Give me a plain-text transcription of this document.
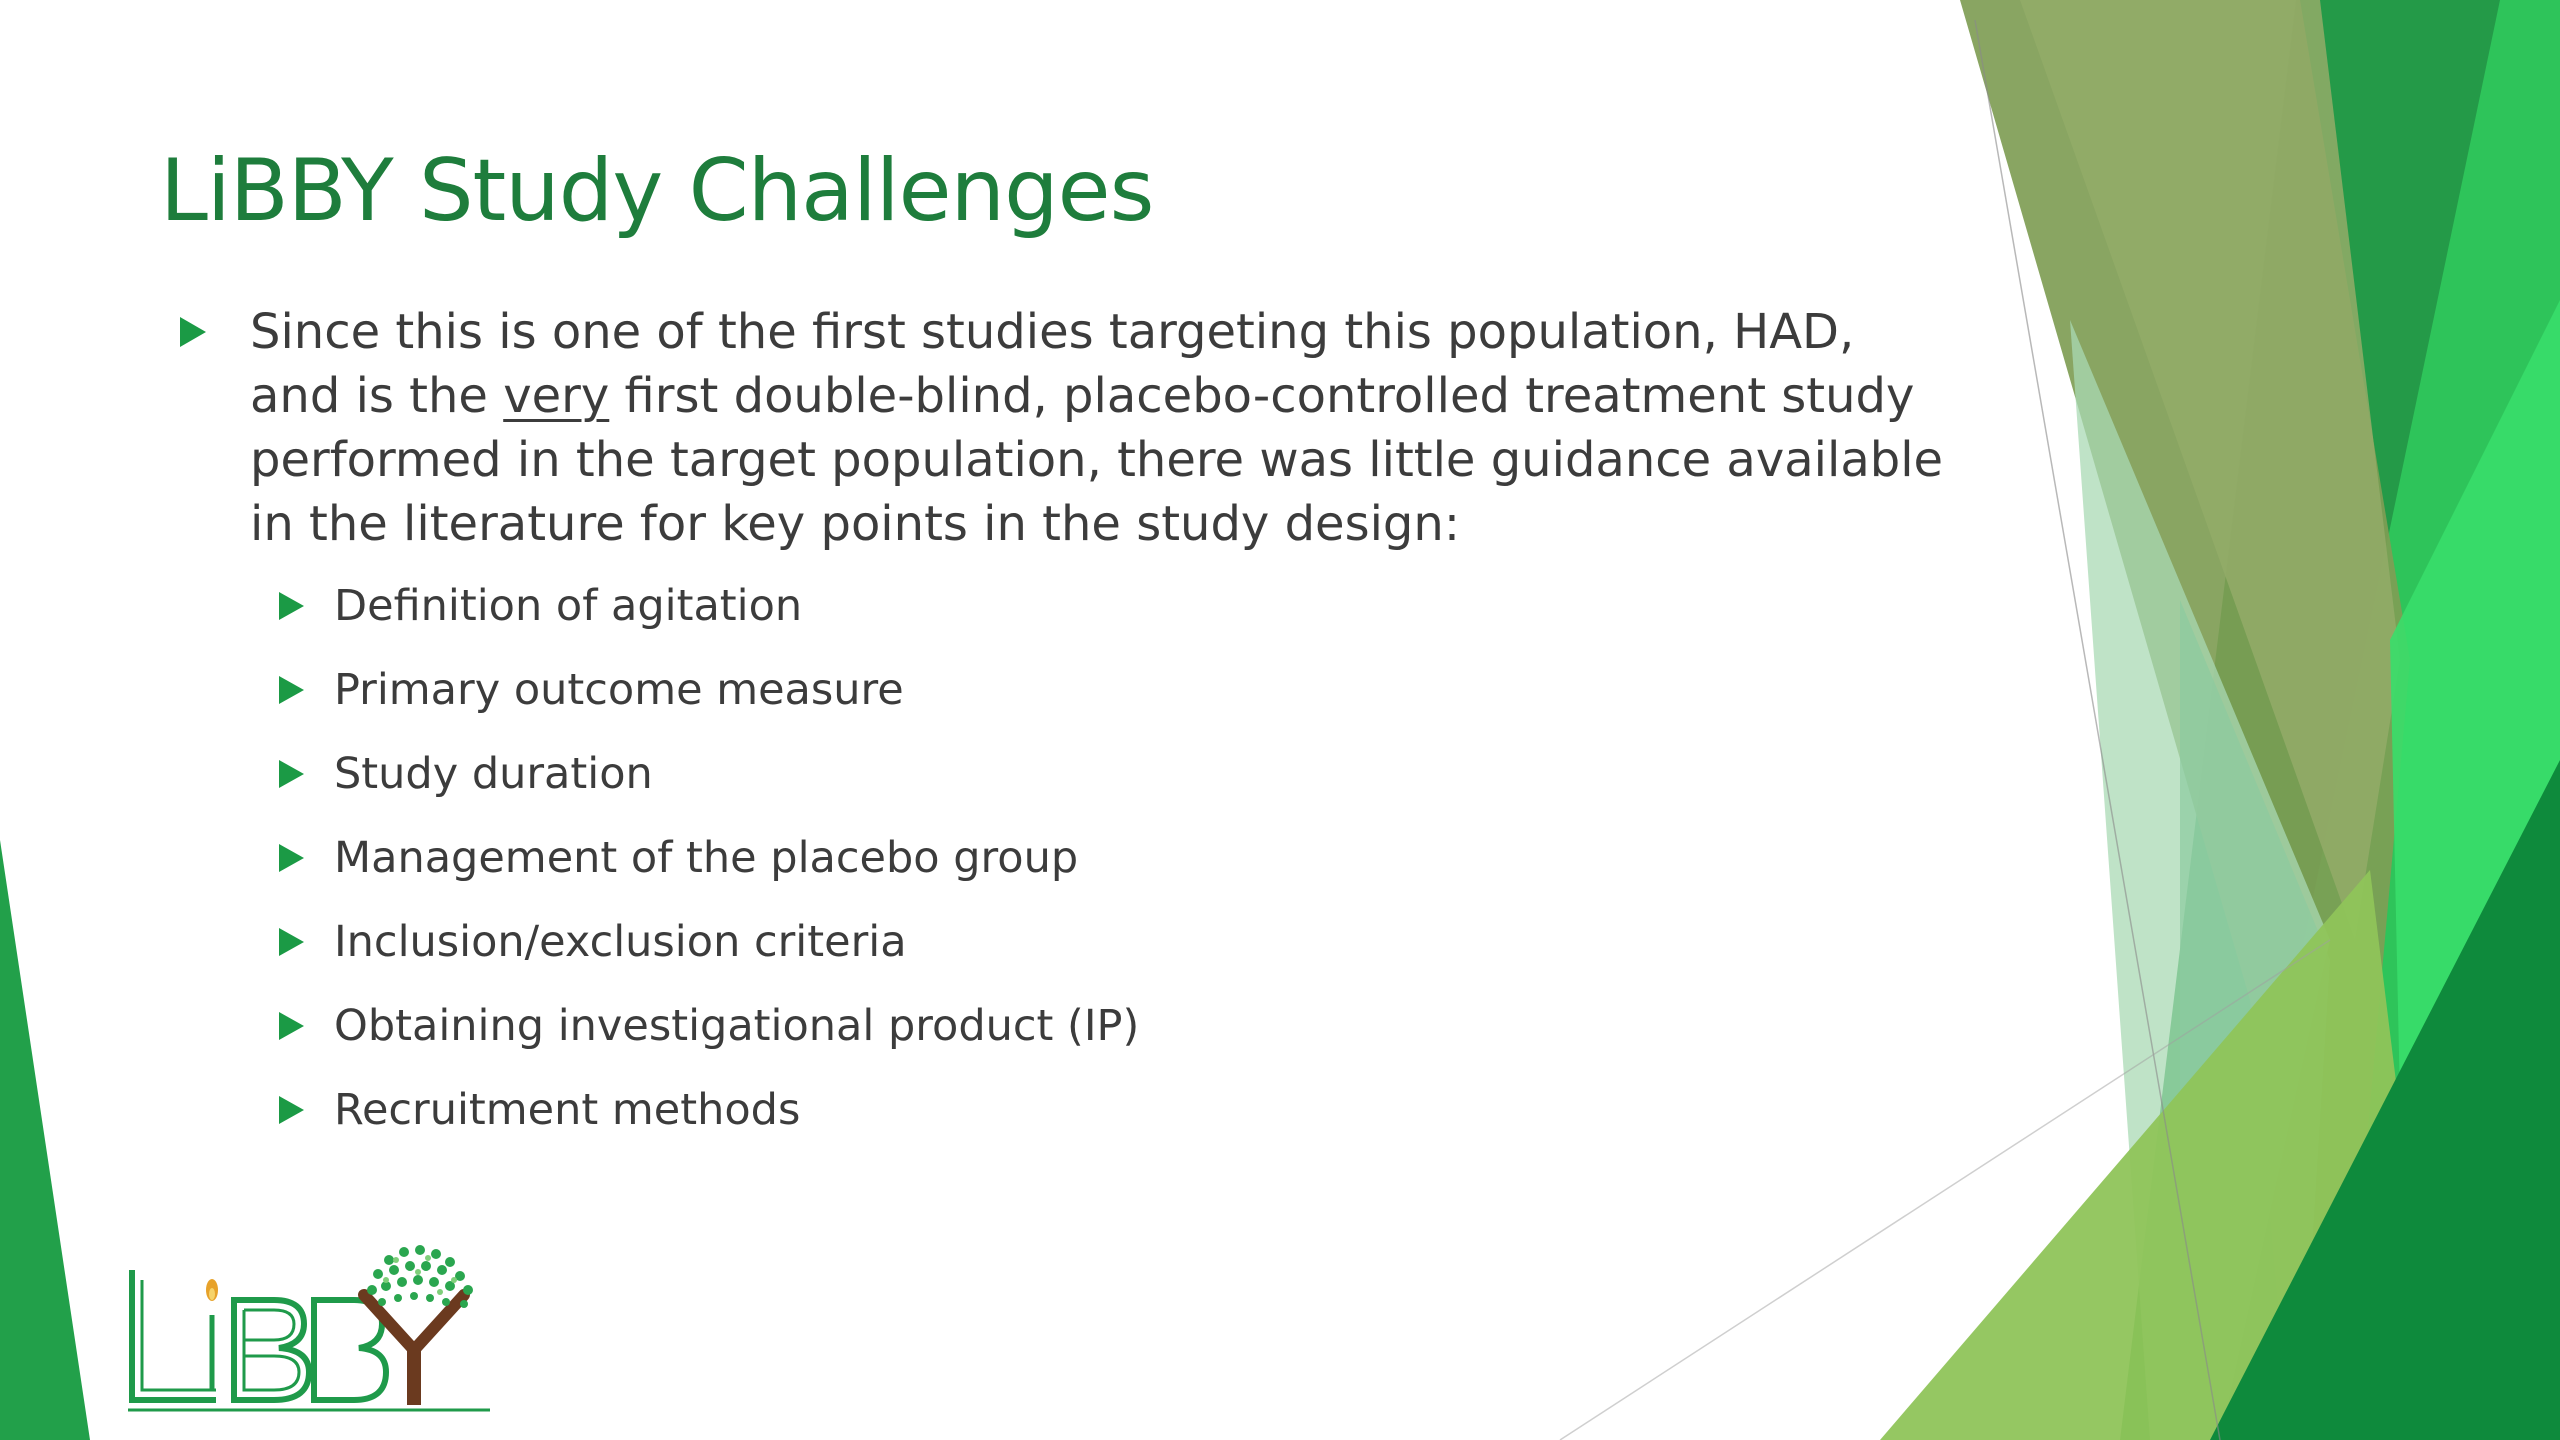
LiBBY Study Challenges

Since this is one of the first studies targeting this population, HAD, and is the very first double-blind, placebo-controlled treatment study performed in the target population, there was little guidance available in the literature for key points in the study design:

Definition of agitation
Primary outcome measure
Study duration
Management of the placebo group
Inclusion/exclusion criteria
Obtaining investigational product (IP)
Recruitment methods
